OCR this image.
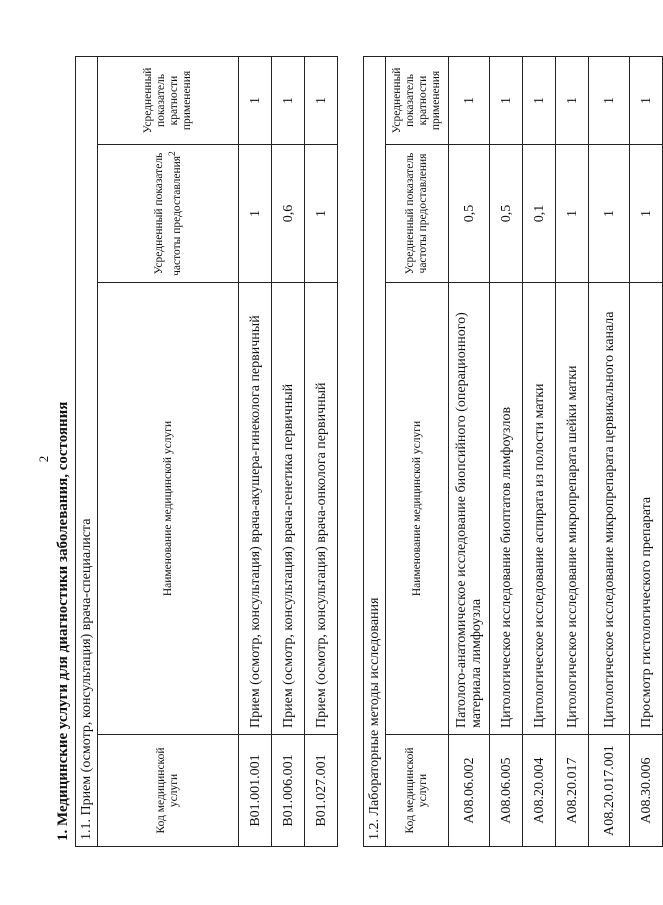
2 1. Медицинские услуги для диагностики заболевания, состояния 1.1. Прием (осмотр, консультация) врача-специалиста			
Код медицинской услуги	Наименование медицинской услуги	Усредненный показатель частоты предоставления$^2$	Усредненный показатель кратности применения
B01.001.001	Прием (осмотр, консультация) врача-акушера-гинеколога первичный	1	1
B01.006.001	Прием (осмотр, консультация) врача-генетика первичный	0,6	1
B01.027.001	Прием (осмотр, консультация) врача-онколога первичный	1	1
1.2. Лабораторные методы исследования			
Код медицинской услуги	Наименование медицинской услуги	Усредненный показатель частоты предоставления	Усредненный показатель кратности применения
A08.06.002	Патолого-анатомическое исследование биопсийного (операционного) материала лимфоузла	0,5	1
A08.06.005	Цитологическое исследование биоптатов лимфоузлов	0,5	1
A08.20.004	Цитологическое исследование аспирата из полости матки	0,1	1
A08.20.017	Цитологическое исследование микропрепарата шейки матки	1	1
A08.20.017.001	Цитологическое исследование микропрепарата цервикального канала	1	1
A08.30.006	Просмотр гистологического препарата	1	1
